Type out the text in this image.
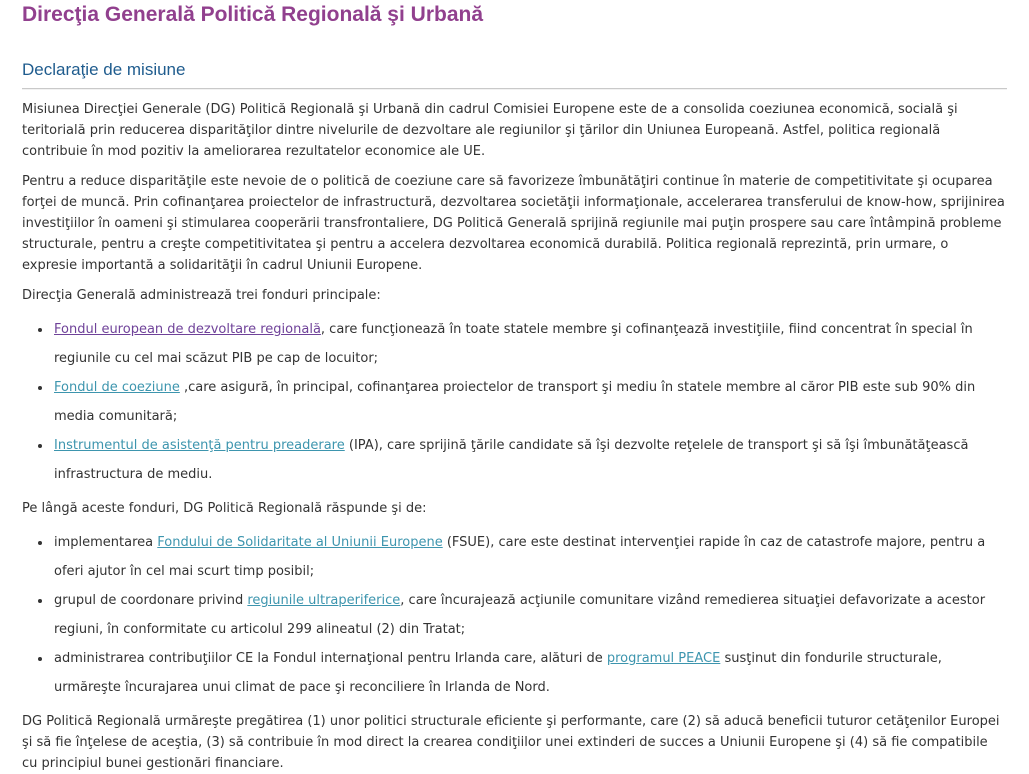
Direcţia Generală Politică Regională şi Urbană
Declaraţie de misiune

Misiunea Direcţiei Generale (DG) Politică Regională şi Urbană din cadrul Comisiei Europene este de a consolida coeziunea economică, socială şi teritorială prin reducerea disparităţilor dintre nivelurile de dezvoltare ale regiunilor şi ţărilor din Uniunea Europeană. Astfel, politica regională contribuie în mod pozitiv la ameliorarea rezultatelor economice ale UE.

Pentru a reduce disparităţile este nevoie de o politică de coeziune care să favorizeze îmbunătăţiri continue în materie de competitivitate şi ocuparea forţei de muncă. Prin cofinanţarea proiectelor de infrastructură, dezvoltarea societăţii informaţionale, accelerarea transferului de know-how, sprijinirea investiţiilor în oameni şi stimularea cooperării transfrontaliere, DG Politică Generală sprijină regiunile mai puţin prospere sau care întâmpină probleme structurale, pentru a creşte competitivitatea şi pentru a accelera dezvoltarea economică durabilă. Politica regională reprezintă, prin urmare, o expresie importantă a solidarităţii în cadrul Uniunii Europene.

Direcţia Generală administrează trei fonduri principale:

• Fondul european de dezvoltare regională, care funcţionează în toate statele membre şi cofinanţează investiţiile, fiind concentrat în special în regiunile cu cel mai scăzut PIB pe cap de locuitor;
• Fondul de coeziune ,care asigură, în principal, cofinanţarea proiectelor de transport şi mediu în statele membre al căror PIB este sub 90% din media comunitară;
• Instrumentul de asistenţă pentru preaderare (IPA), care sprijină ţările candidate să îşi dezvolte reţelele de transport şi să îşi îmbunătăţească infrastructura de mediu.

Pe lângă aceste fonduri, DG Politică Regională răspunde şi de:

• implementarea Fondului de Solidaritate al Uniunii Europene (FSUE), care este destinat intervenţiei rapide în caz de catastrofe majore, pentru a oferi ajutor în cel mai scurt timp posibil;
• grupul de coordonare privind regiunile ultraperiferice, care încurajează acţiunile comunitare vizând remedierea situaţiei defavorizate a acestor regiuni, în conformitate cu articolul 299 alineatul (2) din Tratat;
• administrarea contribuţiilor CE la Fondul internaţional pentru Irlanda care, alături de programul PEACE susţinut din fondurile structurale, urmăreşte încurajarea unui climat de pace şi reconciliere în Irlanda de Nord.

DG Politică Regională urmăreşte pregătirea (1) unor politici structurale eficiente şi performante, care (2) să aducă beneficii tuturor cetăţenilor Europei şi să fie înţelese de aceştia, (3) să contribuie în mod direct la crearea condiţiilor unei extinderi de succes a Uniunii Europene şi (4) să fie compatibile cu principiul bunei gestionări financiare.
